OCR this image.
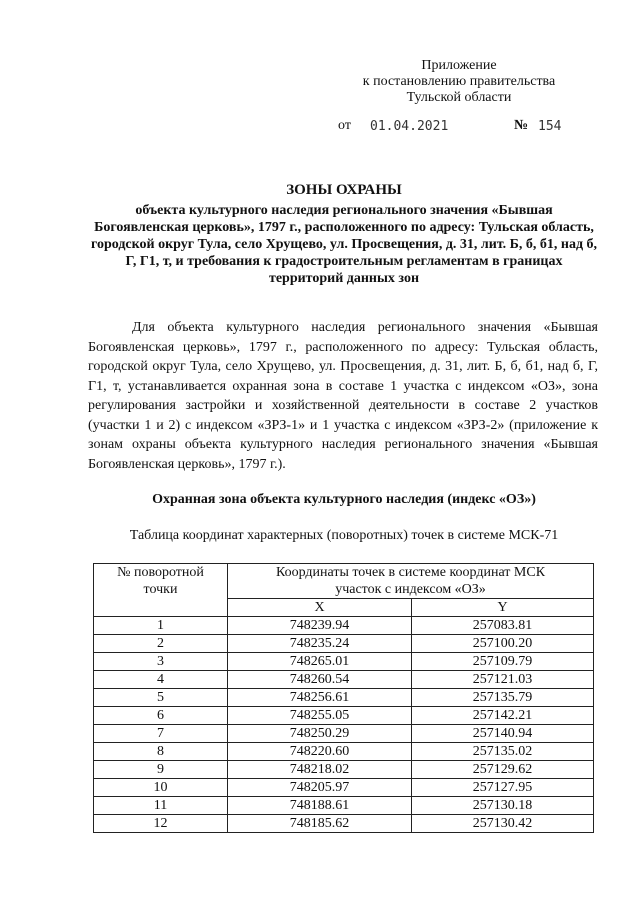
Приложение
к постановлению правительства
Тульской области
от 01.04.2021	№ 154
ЗОНЫ ОХРАНЫ
объекта культурного наследия регионального значения «Бывшая Богоявленская церковь», 1797 г., расположенного по адресу: Тульская область, городской округ Тула, село Хрущево, ул. Просвещения, д. 31, лит. Б, б, б1, над б, Г, Г1, т, и требования к градостроительным регламентам в границах территорий данных зон
Для объекта культурного наследия регионального значения «Бывшая Богоявленская церковь», 1797 г., расположенного по адресу: Тульская область, городской округ Тула, село Хрущево, ул. Просвещения, д. 31, лит. Б, б, б1, над б, Г, Г1, т, устанавливается охранная зона в составе 1 участка с индексом «ОЗ», зона регулирования застройки и хозяйственной деятельности в составе 2 участков (участки 1 и 2) с индексом «ЗРЗ-1» и 1 участка с индексом «ЗРЗ-2» (приложение к зонам охраны объекта культурного наследия регионального значения «Бывшая Богоявленская церковь», 1797 г.).
Охранная зона объекта культурного наследия (индекс «ОЗ»)
Таблица координат характерных (поворотных) точек в системе МСК-71
№ поворотной
точки	Координаты точек в системе координат МСК	
	участок с индексом «ОЗ»	
	X	Y
1	748239.94	257083.81
2	748235.24	257100.20
3	748265.01	257109.79
4	748260.54	257121.03
5	748256.61	257135.79
6	748255.05	257142.21
7	748250.29	257140.94
8	748220.60	257135.02
9	748218.02	257129.62
10	748205.97	257127.95
11	748188.61	257130.18
12	748185.62	257130.42
